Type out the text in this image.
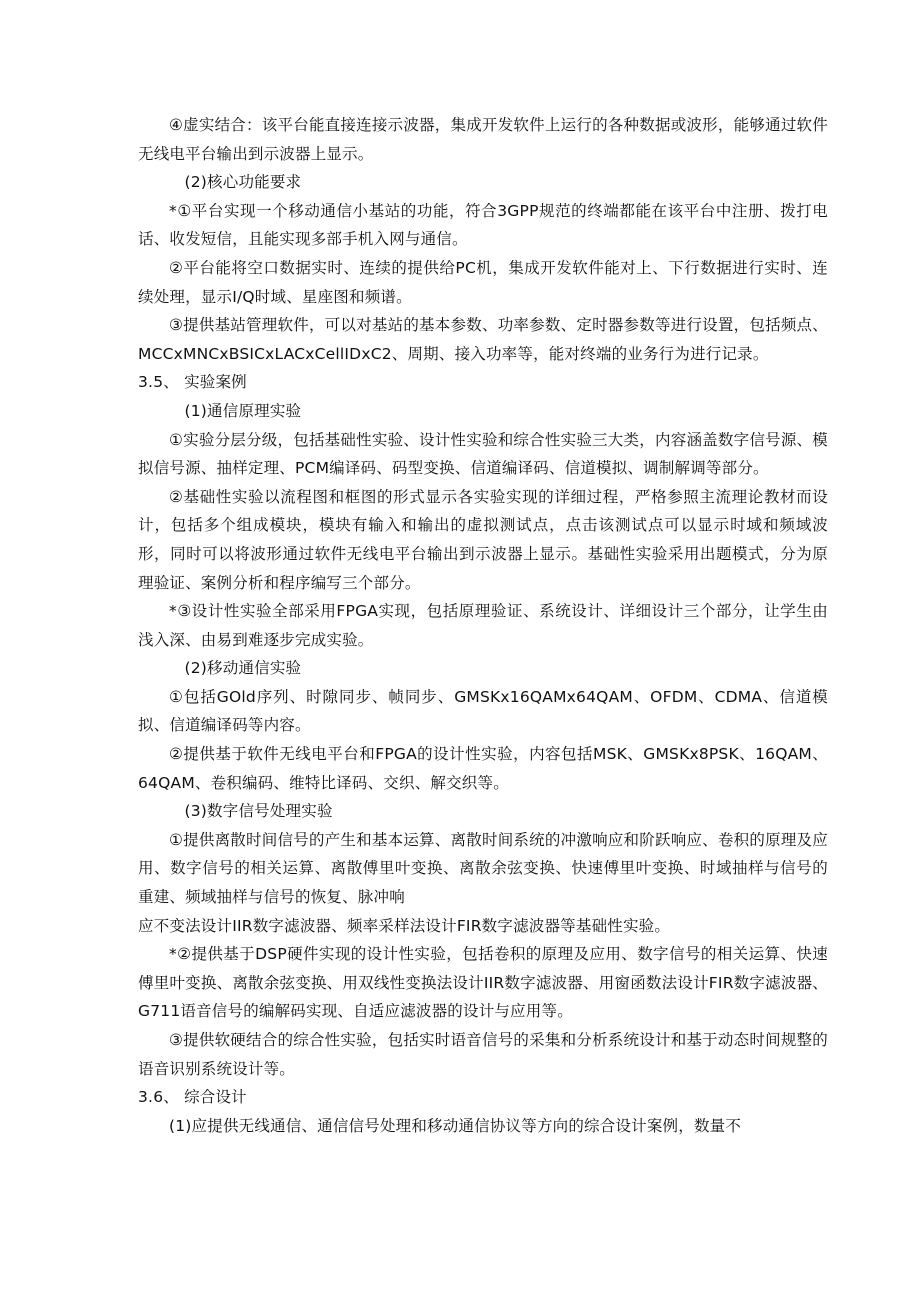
④虚实结合：该平台能直接连接示波器，集成开发软件上运行的各种数据或波形，能够通过软件无线电平台输出到示波器上显示。

(2)核心功能要求

*①平台实现一个移动通信小基站的功能，符合3GPP规范的终端都能在该平台中注册、拨打电话、收发短信，且能实现多部手机入网与通信。

②平台能将空口数据实时、连续的提供给PC机，集成开发软件能对上、下行数据进行实时、连续处理，显示I/Q时域、星座图和频谱。

③提供基站管理软件，可以对基站的基本参数、功率参数、定时器参数等进行设置，包括频点、MCCxMNCxBSICxLACxCellIDxC2、周期、接入功率等，能对终端的业务行为进行记录。

3.5、 实验案例

(1)通信原理实验

①实验分层分级，包括基础性实验、设计性实验和综合性实验三大类，内容涵盖数字信号源、模拟信号源、抽样定理、PCM编译码、码型变换、信道编译码、信道模拟、调制解调等部分。

②基础性实验以流程图和框图的形式显示各实验实现的详细过程，严格参照主流理论教材而设计，包括多个组成模块，模块有输入和输出的虚拟测试点，点击该测试点可以显示时域和频域波形，同时可以将波形通过软件无线电平台输出到示波器上显示。基础性实验采用出题模式，分为原理验证、案例分析和程序编写三个部分。

*③设计性实验全部采用FPGA实现，包括原理验证、系统设计、详细设计三个部分，让学生由浅入深、由易到难逐步完成实验。

(2)移动通信实验

①包括GOld序列、时隙同步、帧同步、GMSKx16QAMx64QAM、OFDM、CDMA、信道模拟、信道编译码等内容。

②提供基于软件无线电平台和FPGA的设计性实验，内容包括MSK、GMSKx8PSK、16QAM、64QAM、卷积编码、维特比译码、交织、解交织等。

(3)数字信号处理实验

①提供离散时间信号的产生和基本运算、离散时间系统的冲激响应和阶跃响应、卷积的原理及应用、数字信号的相关运算、离散傅里叶变换、离散余弦变换、快速傅里叶变换、时域抽样与信号的重建、频域抽样与信号的恢复、脉冲响

应不变法设计IIR数字滤波器、频率采样法设计FIR数字滤波器等基础性实验。

*②提供基于DSP硬件实现的设计性实验，包括卷积的原理及应用、数字信号的相关运算、快速傅里叶变换、离散余弦变换、用双线性变换法设计IIR数字滤波器、用窗函数法设计FIR数字滤波器、G711语音信号的编解码实现、自适应滤波器的设计与应用等。

③提供软硬结合的综合性实验，包括实时语音信号的采集和分析系统设计和基于动态时间规整的语音识别系统设计等。

3.6、 综合设计

(1)应提供无线通信、通信信号处理和移动通信协议等方向的综合设计案例，数量不
